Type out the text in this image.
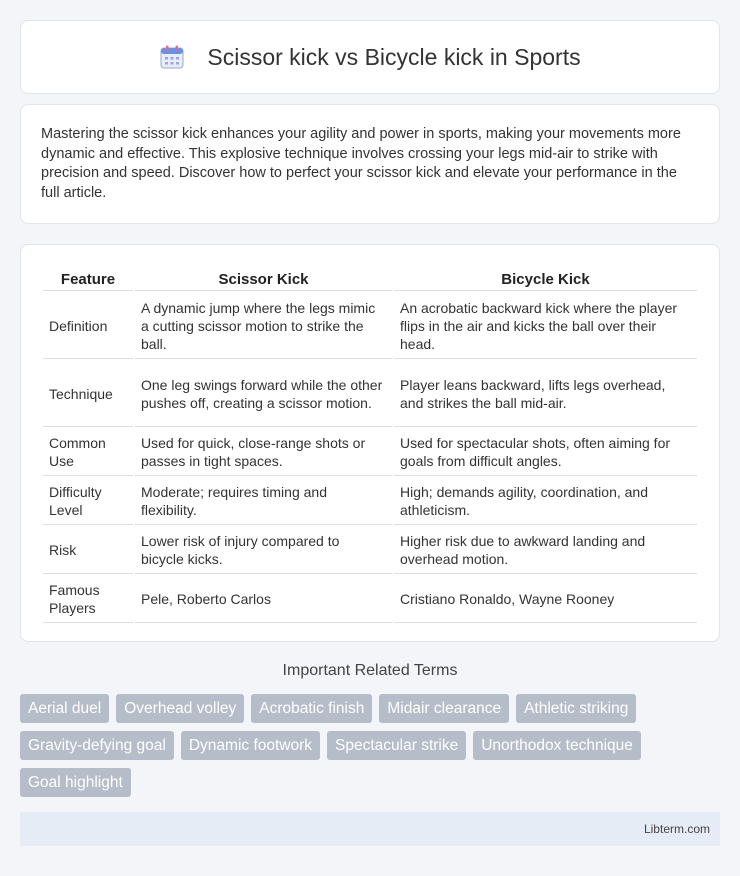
Scissor kick vs Bicycle kick in Sports

Mastering the scissor kick enhances your agility and power in sports, making your movements more dynamic and effective. This explosive technique involves crossing your legs mid-air to strike with precision and speed. Discover how to perfect your scissor kick and elevate your performance in the full article.

Feature	Scissor Kick	Bicycle Kick
Definition	A dynamic jump where the legs mimic a cutting scissor motion to strike the ball.	An acrobatic backward kick where the player flips in the air and kicks the ball over their head.
Technique	One leg swings forward while the other pushes off, creating a scissor motion.	Player leans backward, lifts legs overhead, and strikes the ball mid-air.
Common Use	Used for quick, close-range shots or passes in tight spaces.	Used for spectacular shots, often aiming for goals from difficult angles.
Difficulty Level	Moderate; requires timing and flexibility.	High; demands agility, coordination, and athleticism.
Risk	Lower risk of injury compared to bicycle kicks.	Higher risk due to awkward landing and overhead motion.
Famous Players	Pele, Roberto Carlos	Cristiano Ronaldo, Wayne Rooney
Important Related Terms
Aerial duel	Overhead volley	Acrobatic finish	Midair clearance	Athletic striking
Gravity-defying goal	Dynamic footwork	Spectacular strike	Unorthodox technique
Goal highlight
Libterm.com
